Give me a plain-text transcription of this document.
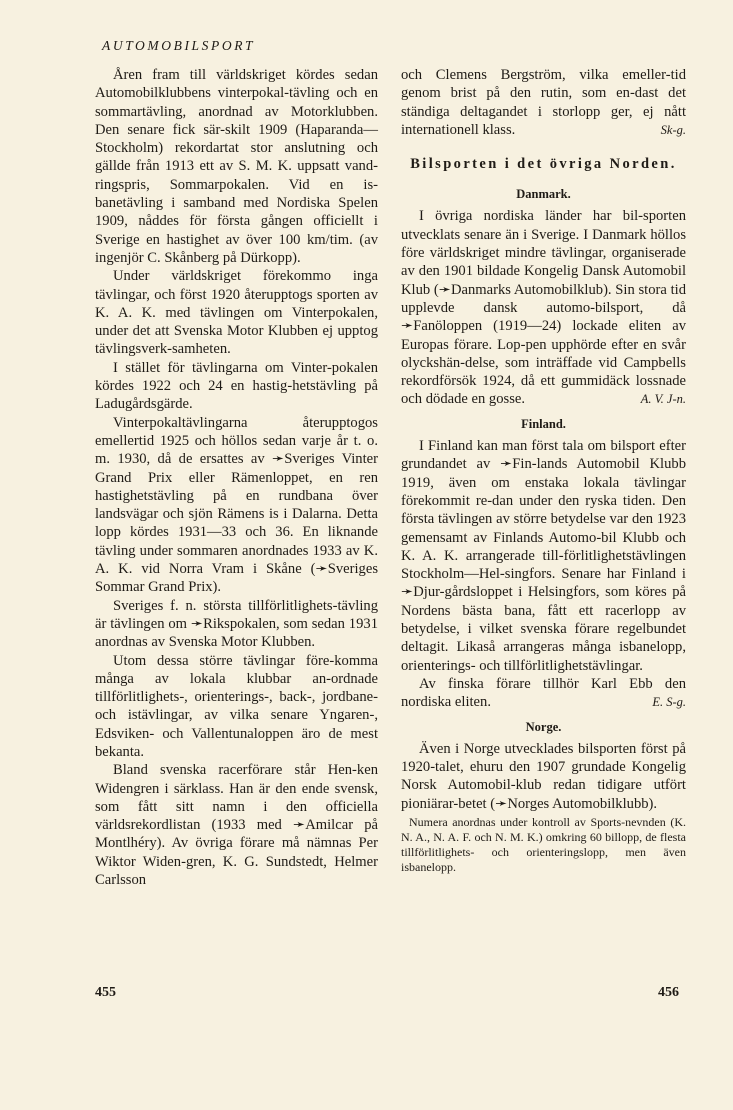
AUTOMOBILSPORT

Åren fram till världskriget kördes sedan Automobilklubbens vinterpokal-tävling och en sommartävling, anordnad av Motorklubben. Den senare fick sär-skilt 1909 (Haparanda—Stockholm) rekordartat stor anslutning och gällde från 1913 ett av S. M. K. uppsatt vand-ringspris, Sommarpokalen. Vid en is-banetävling i samband med Nordiska Spelen 1909, nåddes för första gången officiellt i Sverige en hastighet av över 100 km/tim. (av ingenjör C. Skånberg på Dürkopp).

Under världskriget förekommo inga tävlingar, och först 1920 återupptogs sporten av K. A. K. med tävlingen om Vinterpokalen, under det att Svenska Motor Klubben ej upptog tävlingsverk-samheten.

I stället för tävlingarna om Vinter-pokalen kördes 1922 och 24 en hastig-hetstävling på Ladugårdsgärde.

Vinterpokaltävlingarna återupptogos emellertid 1925 och höllos sedan varje år t. o. m. 1930, då de ersattes av ➛Sveriges Vinter Grand Prix eller Rämenloppet, en ren hastighetstävling på en rundbana över landsvägar och sjön Rämens is i Dalarna. Detta lopp kördes 1931—33 och 36. En liknande tävling under sommaren anordnades 1933 av K. A. K. vid Norra Vram i Skåne (➛Sveriges Sommar Grand Prix).

Sveriges f. n. största tillförlitlighets-tävling är tävlingen om ➛Rikspokalen, som sedan 1931 anordnas av Svenska Motor Klubben.

Utom dessa större tävlingar före-komma många av lokala klubbar an-ordnade tillförlitlighets-, orienterings-, back-, jordbane- och istävlingar, av vilka senare Yngaren-, Edsviken- och Vallentunaloppen äro de mest bekanta.

Bland svenska racerförare står Hen-ken Widengren i särklass. Han är den ende svensk, som fått sitt namn i den officiella världsrekordlistan (1933 med ➛Amilcar på Montlhéry). Av övriga förare må nämnas Per Wiktor Widen-gren, K. G. Sundstedt, Helmer Carlsson

och Clemens Bergström, vilka emeller-tid genom brist på den rutin, som en-dast det ständiga deltagandet i storlopp ger, ej nått internationell klass.	Sk-g.

Bilsporten i det övriga Norden.
Danmark.

I övriga nordiska länder har bil-sporten utvecklats senare än i Sverige. I Danmark höllos före världskriget mindre tävlingar, organiserade av den 1901 bildade Kongelig Dansk Automobil Klub (➛Danmarks Automobilklub). Sin stora tid upplevde dansk automo-bilsport, då ➛Fanöloppen (1919—24) lockade eliten av Europas förare. Lop-pen upphörde efter en svår olyckshän-delse, som inträffade vid Campbells rekordförsök 1924, då ett gummidäck lossnade och dödade en gosse.	A. V. J-n.

Finland.

I Finland kan man först tala om bilsport efter grundandet av ➛Fin-lands Automobil Klubb 1919, även om enstaka lokala tävlingar förekommit re-dan under den ryska tiden. Den första tävlingen av större betydelse var den 1923 gemensamt av Finlands Automo-bil Klubb och K. A. K. arrangerade till-förlitlighetstävlingen Stockholm—Hel-singfors. Senare har Finland i ➛Djur-gårdsloppet i Helsingfors, som köres på Nordens bästa bana, fått ett racerlopp av betydelse, i vilket svenska förare regelbundet deltagit. Likaså arrangeras många isbanelopp, orienterings- och tillförlitlighetstävlingar.

Av finska förare tillhör Karl Ebb den nordiska eliten.	E. S-g.

Norge.

Även i Norge utvecklades bilsporten först på 1920-talet, ehuru den 1907 grundade Kongelig Norsk Automobil-klub redan tidigare utfört pioniärar-betet (➛Norges Automobilklubb).

Numera anordnas under kontroll av Sports-nevnden (K. N. A., N. A. F. och N. M. K.) omkring 60 billopp, de flesta tillförlitlighets- och orienteringslopp, men även isbanelopp.

455	456
